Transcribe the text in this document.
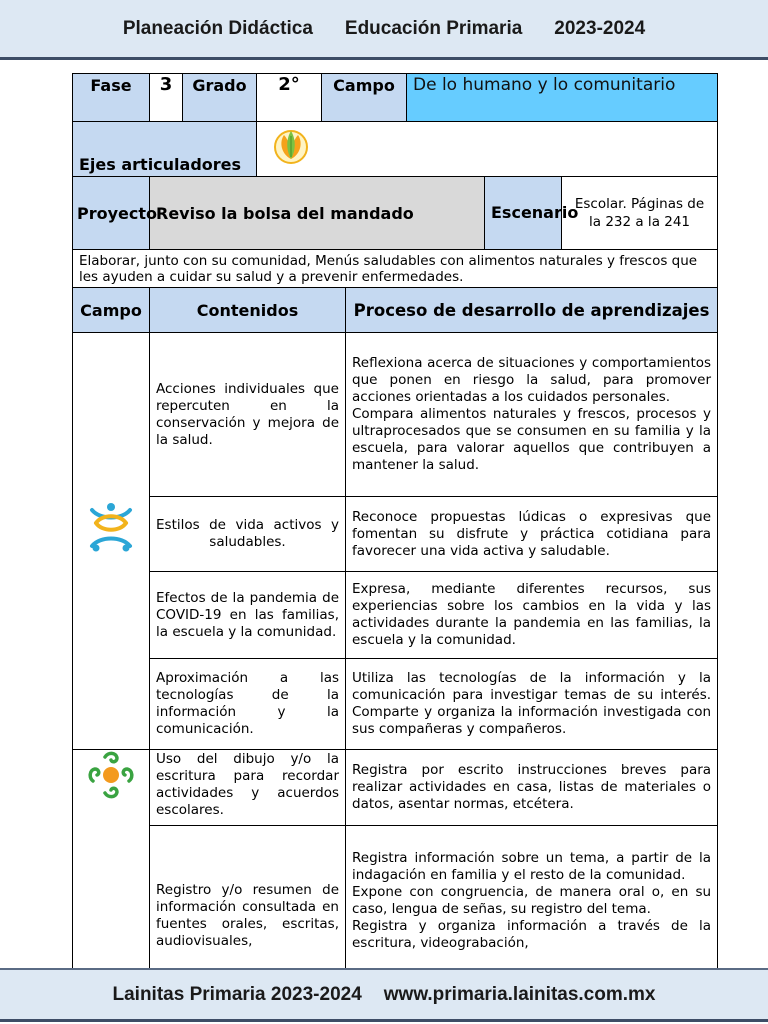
Planeación Didáctica Educación Primaria 2023-2024
Fase	3	Grado	2°	Campo		De lo humano y lo comunitario		
Ejes articuladores	

Proyecto	Reviso la bolsa del mandado						Escenario	Escolar. Páginas de la 232 a la 241
Elaborar, junto con su comunidad, Menús saludables con alimentos naturales y frescos que les ayuden a cuidar su salud y a prevenir enfermedades.								
Campo	Contenidos				Proceso de desarrollo de aprendizajes			

	Acciones individuales que repercuten en la conservación y mejora de la salud.				Reflexiona acerca de situaciones y comportamientos que ponen en riesgo la salud, para promover acciones orientadas a los cuidados personales.
Compara alimentos naturales y frescos, procesos y ultraprocesados que se consumen en su familia y la escuela, para valorar aquellos que contribuyen a mantener la salud.			
	Estilos de vida activos y saludables.				Reconoce propuestas lúdicas o expresivas que fomentan su disfrute y práctica cotidiana para favorecer una vida activa y saludable.			
	Efectos de la pandemia de COVID-19 en las familias, la escuela y la comunidad.				Expresa, mediante diferentes recursos, sus experiencias sobre los cambios en la vida y las actividades durante la pandemia en las familias, la escuela y la comunidad.			
	Aproximación a las tecnologías de la información y la comunicación.				Utiliza las tecnologías de la información y la comunicación para investigar temas de su interés. Comparte y organiza la información investigada con sus compañeras y compañeros.			

	Uso del dibujo y/o la escritura para recordar actividades y acuerdos escolares.				Registra por escrito instrucciones breves para realizar actividades en casa, listas de materiales o datos, asentar normas, etcétera.			
	Registro y/o resumen de información consultada en fuentes orales, escritas, audiovisuales,				Registra información sobre un tema, a partir de la indagación en familia y el resto de la comunidad.
Expone con congruencia, de manera oral o, en su caso, lengua de señas, su registro del tema.
Registra y organiza información a través de la escritura, videograbación,			
Lainitas Primaria 2023-2024 www.primaria.lainitas.com.mx
